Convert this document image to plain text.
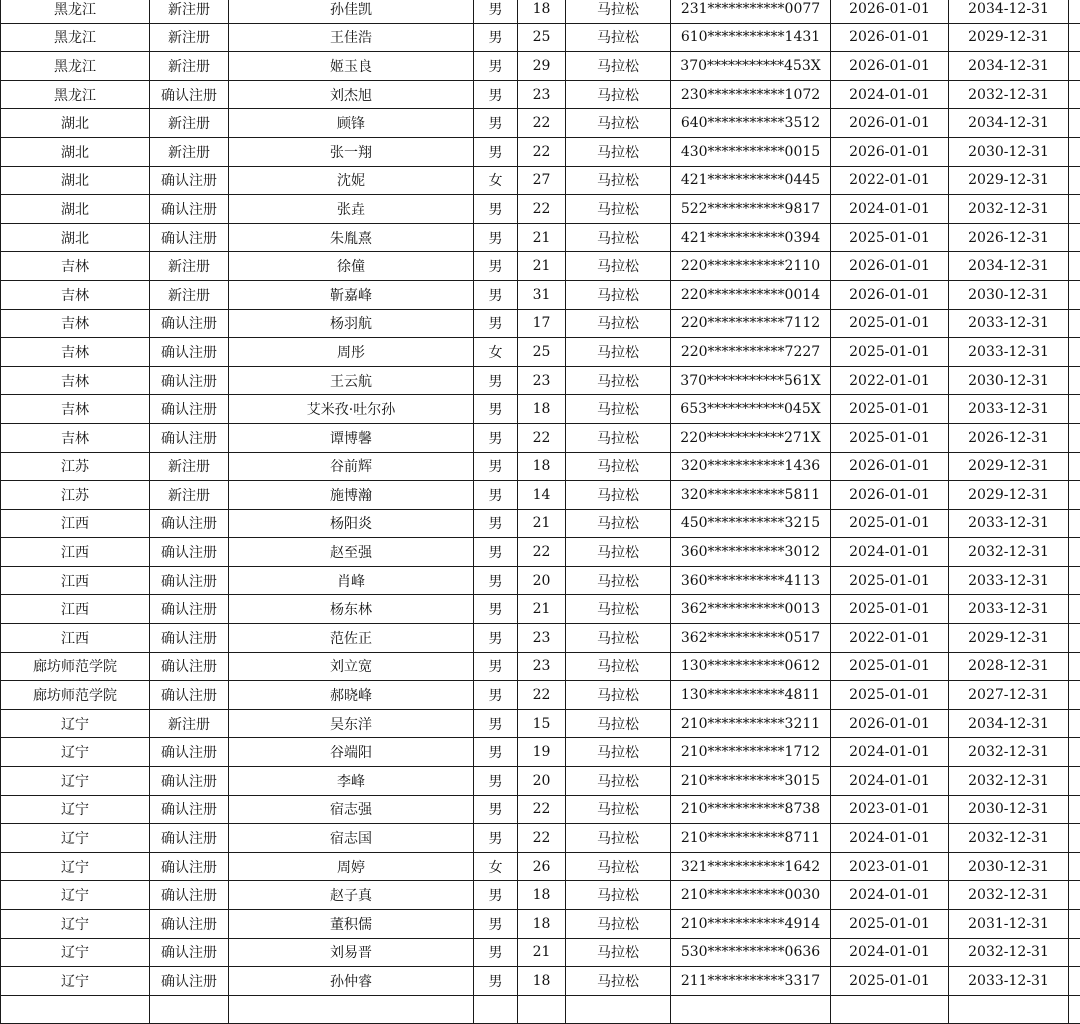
黑龙江	新注册	孙佳凯	男	18	马拉松	231***********0077	2026-01-01	2034-12-31	
黑龙江	新注册	王佳浩	男	25	马拉松	610***********1431	2026-01-01	2029-12-31	
黑龙江	新注册	姬玉良	男	29	马拉松	370***********453X	2026-01-01	2034-12-31	
黑龙江	确认注册	刘杰旭	男	23	马拉松	230***********1072	2024-01-01	2032-12-31	
湖北	新注册	顾锋	男	22	马拉松	640***********3512	2026-01-01	2034-12-31	
湖北	新注册	张一翔	男	22	马拉松	430***********0015	2026-01-01	2030-12-31	
湖北	确认注册	沈妮	女	27	马拉松	421***********0445	2022-01-01	2029-12-31	
湖北	确认注册	张垚	男	22	马拉松	522***********9817	2024-01-01	2032-12-31	
湖北	确认注册	朱胤熹	男	21	马拉松	421***********0394	2025-01-01	2026-12-31	
吉林	新注册	徐僮	男	21	马拉松	220***********2110	2026-01-01	2034-12-31	
吉林	新注册	靳嘉峰	男	31	马拉松	220***********0014	2026-01-01	2030-12-31	
吉林	确认注册	杨羽航	男	17	马拉松	220***********7112	2025-01-01	2033-12-31	
吉林	确认注册	周彤	女	25	马拉松	220***********7227	2025-01-01	2033-12-31	
吉林	确认注册	王云航	男	23	马拉松	370***********561X	2022-01-01	2030-12-31	
吉林	确认注册	艾米孜·吐尔孙	男	18	马拉松	653***********045X	2025-01-01	2033-12-31	
吉林	确认注册	谭博馨	男	22	马拉松	220***********271X	2025-01-01	2026-12-31	
江苏	新注册	谷前辉	男	18	马拉松	320***********1436	2026-01-01	2029-12-31	
江苏	新注册	施博瀚	男	14	马拉松	320***********5811	2026-01-01	2029-12-31	
江西	确认注册	杨阳炎	男	21	马拉松	450***********3215	2025-01-01	2033-12-31	
江西	确认注册	赵至强	男	22	马拉松	360***********3012	2024-01-01	2032-12-31	
江西	确认注册	肖峰	男	20	马拉松	360***********4113	2025-01-01	2033-12-31	
江西	确认注册	杨东林	男	21	马拉松	362***********0013	2025-01-01	2033-12-31	
江西	确认注册	范佐正	男	23	马拉松	362***********0517	2022-01-01	2029-12-31	
廊坊师范学院	确认注册	刘立宽	男	23	马拉松	130***********0612	2025-01-01	2028-12-31	
廊坊师范学院	确认注册	郝晓峰	男	22	马拉松	130***********4811	2025-01-01	2027-12-31	
辽宁	新注册	吴东洋	男	15	马拉松	210***********3211	2026-01-01	2034-12-31	
辽宁	确认注册	谷端阳	男	19	马拉松	210***********1712	2024-01-01	2032-12-31	
辽宁	确认注册	李峰	男	20	马拉松	210***********3015	2024-01-01	2032-12-31	
辽宁	确认注册	宿志强	男	22	马拉松	210***********8738	2023-01-01	2030-12-31	
辽宁	确认注册	宿志国	男	22	马拉松	210***********8711	2024-01-01	2032-12-31	
辽宁	确认注册	周婷	女	26	马拉松	321***********1642	2023-01-01	2030-12-31	
辽宁	确认注册	赵子真	男	18	马拉松	210***********0030	2024-01-01	2032-12-31	
辽宁	确认注册	董积儒	男	18	马拉松	210***********4914	2025-01-01	2031-12-31	
辽宁	确认注册	刘易晋	男	21	马拉松	530***********0636	2024-01-01	2032-12-31	
辽宁	确认注册	孙仲睿	男	18	马拉松	211***********3317	2025-01-01	2033-12-31	
